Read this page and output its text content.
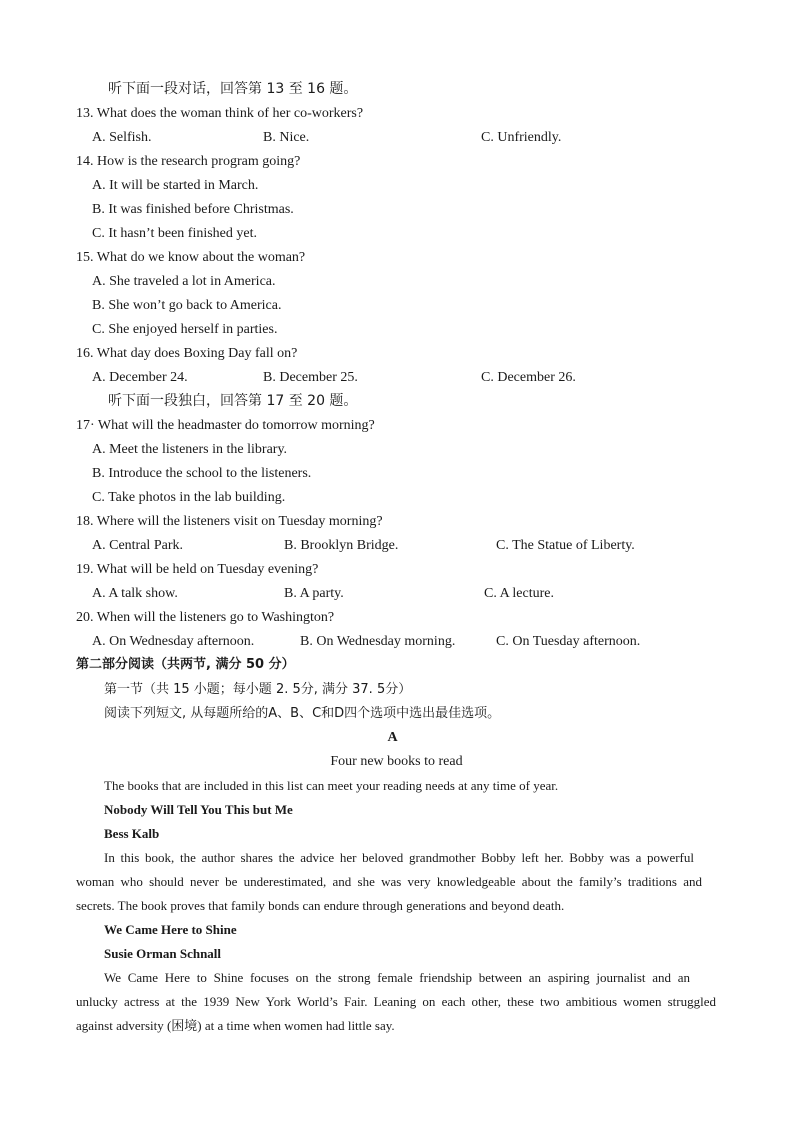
听下面一段对话，回答第 13 至 16 题。
13. What does the woman think of her co-workers?
A. Selfish.	B. Nice.	C. Unfriendly.
14. How is the research program going?
A. It will be started in March.
B. It was finished before Christmas.
C. It hasn’t been finished yet.
15. What do we know about the woman?
A. She traveled a lot in America.
B. She won’t go back to America.
C. She enjoyed herself in parties.
16. What day does Boxing Day fall on?
A. December 24.	B. December 25.	C. December 26.
听下面一段独白，回答第 17 至 20 题。
17· What will the headmaster do tomorrow morning?
A. Meet the listeners in the library.
B. Introduce the school to the listeners.
C. Take photos in the lab building.
18. Where will the listeners visit on Tuesday morning?
A. Central Park.	B. Brooklyn Bridge.	C. The Statue of Liberty.
19. What will be held on Tuesday evening?
A. A talk show.	B. A party.	C. A lecture.
20. When will the listeners go to Washington?
A. On Wednesday afternoon.	B. On Wednesday morning.	C. On Tuesday afternoon.
第二部分阅读（共两节, 满分 50 分）
第一节（共 15 小题；每小题 2. 5分, 满分 37. 5分）
阅读下列短文, 从每题所给的A、B、C和D四个选项中选出最佳选项。
A
Four new books to read
The books that are included in this list can meet your reading needs at any time of year.
Nobody Will Tell You This but Me
Bess Kalb
In this book, the author shares the advice her beloved grandmother Bobby left her. Bobby was a powerful
woman who should never be underestimated, and she was very knowledgeable about the family’s traditions and
secrets. The book proves that family bonds can endure through generations and beyond death.
We Came Here to Shine
Susie Orman Schnall
We Came Here to Shine focuses on the strong female friendship between an aspiring journalist and an
unlucky actress at the 1939 New York World’s Fair. Leaning on each other, these two ambitious women struggled
against adversity (困境) at a time when women had little say.
